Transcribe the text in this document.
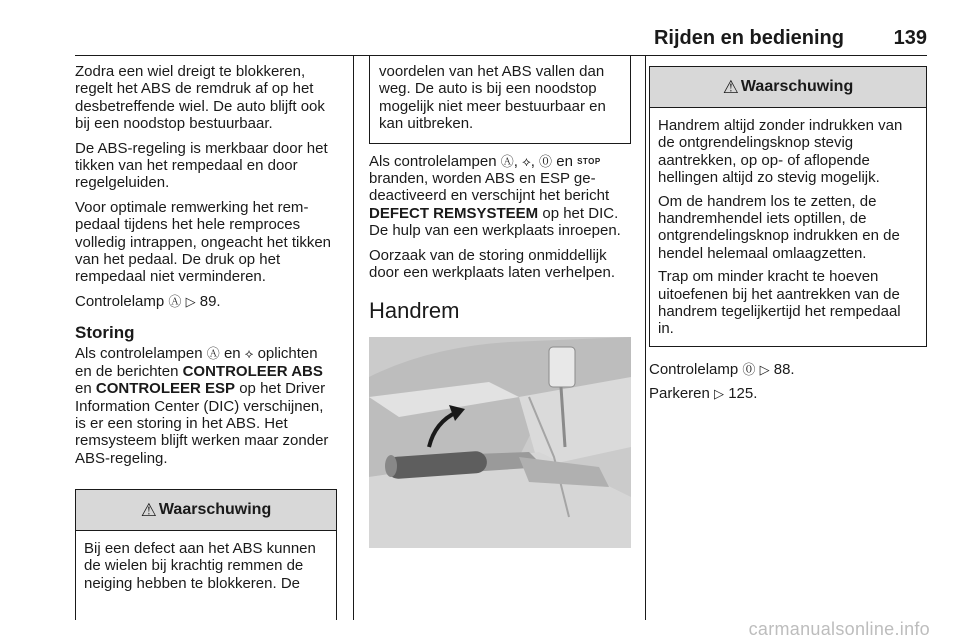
Rijden en bediening 139

Zodra een wiel dreigt te blokkeren, regelt het ABS de remdruk af op het desbetreffende wiel. De auto blijft ook bij een noodstop bestuurbaar.

De ABS-regeling is merkbaar door het tikken van het rempedaal en door regelgeluiden.

Voor optimale remwerking het rempedaal tijdens het hele remproces volledig intrappen, ongeacht het tikken van het pedaal. De druk op het rempedaal niet verminderen.

Controlelamp Ⓐ ▷ 89.

Storing

Als controlelampen Ⓐ en ⟡ oplichten en de berichten CONTROLEER ABS en CONTROLEER ESP op het Driver Information Center (DIC) verschijnen, is er een storing in het ABS. Het remsysteem blijft werken maar zonder ABS-regeling.

⚠ Waarschuwing

Bij een defect aan het ABS kunnen de wielen bij krachtig remmen de neiging hebben te blokkeren. De

voordelen van het ABS vallen dan weg. De auto is bij een noodstop mogelijk niet meer bestuurbaar en kan uitbreken.

Als controlelampen Ⓐ, ⟡, ⓪ en STOP branden, worden ABS en ESP gedeactiveerd en verschijnt het bericht DEFECT REMSYSTEEM op het DIC. De hulp van een werkplaats inroepen.

Oorzaak van de storing onmiddellijk door een werkplaats laten verhelpen.

Handrem
⚠ Waarschuwing

Handrem altijd zonder indrukken van de ontgrendelingsknop stevig aantrekken, op op- of aflopende hellingen altijd zo stevig mogelijk.

Om de handrem los te zetten, de handremhendel iets optillen, de ontgrendelingsknop indrukken en de hendel helemaal omlaagzetten.

Trap om minder kracht te hoeven uitoefenen bij het aantrekken van de handrem tegelijkertijd het rempedaal in.

Controlelamp ⓪ ▷ 88.

Parkeren ▷ 125.

carmanualsonline.info
